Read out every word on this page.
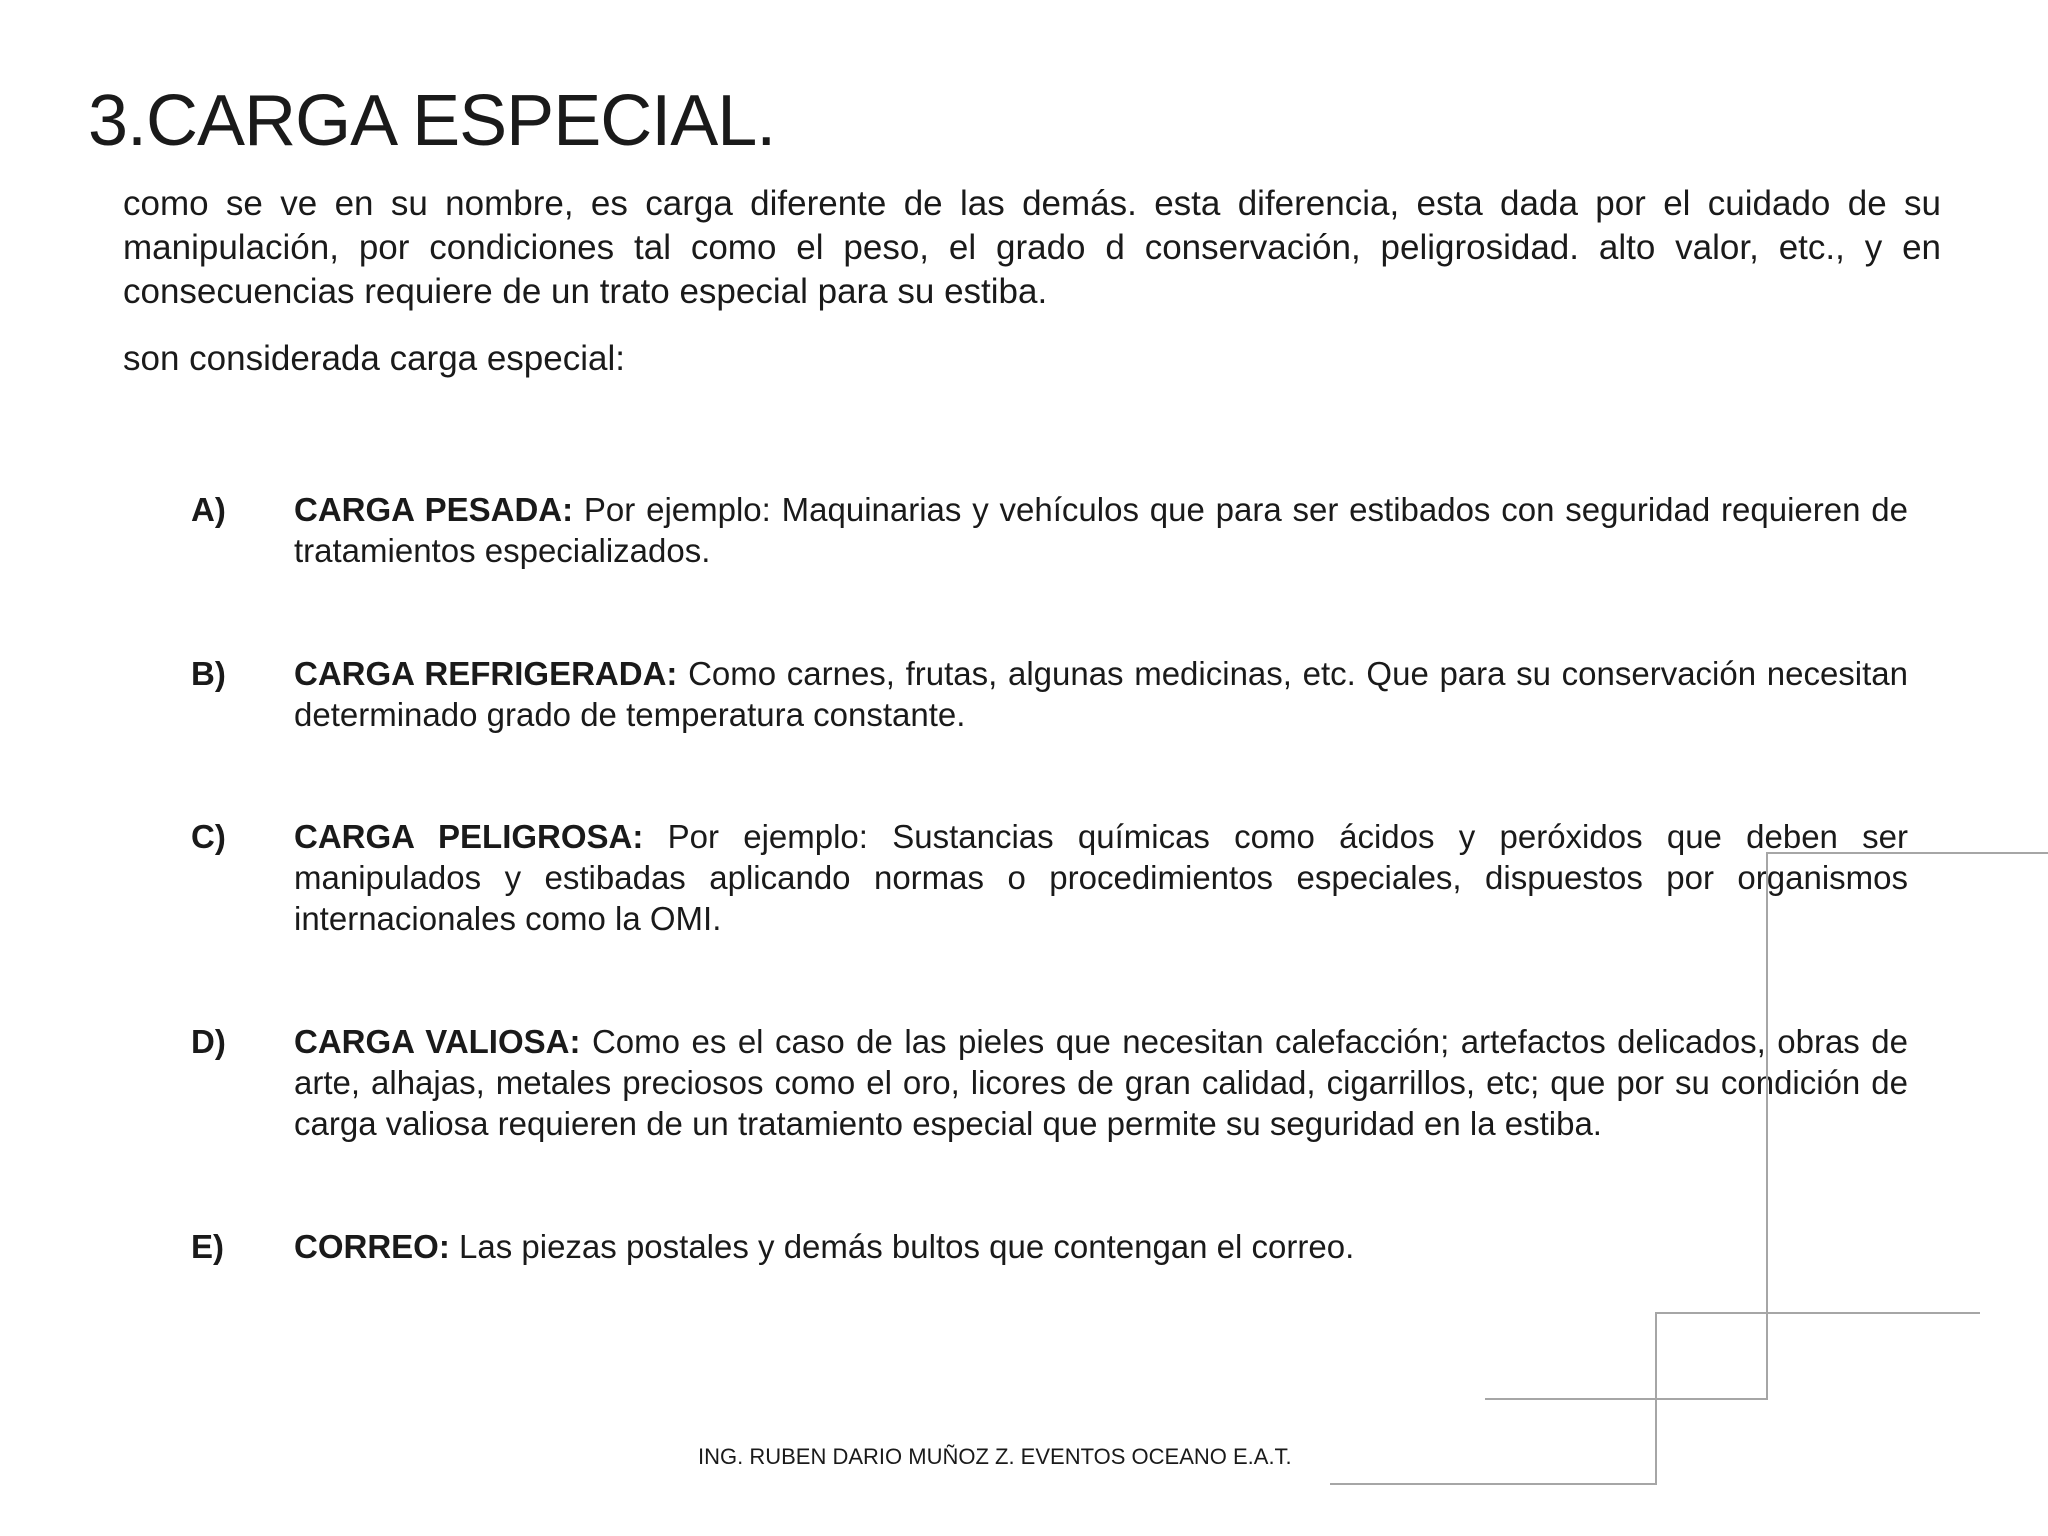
3.CARGA ESPECIAL.

como se ve en su nombre, es carga diferente de las demás. esta diferencia, esta dada por el cuidado de su manipulación, por condiciones tal como el peso, el grado d conservación, peligrosidad. alto valor, etc., y en consecuencias requiere de un trato especial para su estiba.

son considerada carga especial:

A)	CARGA PESADA: Por ejemplo: Maquinarias y vehículos que para ser estibados con seguridad requieren de tratamientos especializados.

B)	CARGA REFRIGERADA: Como carnes, frutas, algunas medicinas, etc. Que para su conservación necesitan determinado grado de temperatura constante.

C)	CARGA PELIGROSA: Por ejemplo: Sustancias químicas como ácidos y peróxidos que deben ser manipulados y estibadas aplicando normas o procedimientos especiales, dispuestos por organismos internacionales como la OMI.

D)	CARGA VALIOSA: Como es el caso de las pieles que necesitan calefacción; artefactos delicados, obras de arte, alhajas, metales preciosos como el oro, licores de gran calidad, cigarrillos, etc; que por su condición de carga valiosa requieren de un tratamiento especial que permite su seguridad en la estiba.

E)	CORREO: Las piezas postales y demás bultos que contengan el correo.

ING. RUBEN DARIO MUÑOZ Z. EVENTOS OCEANO E.A.T.
